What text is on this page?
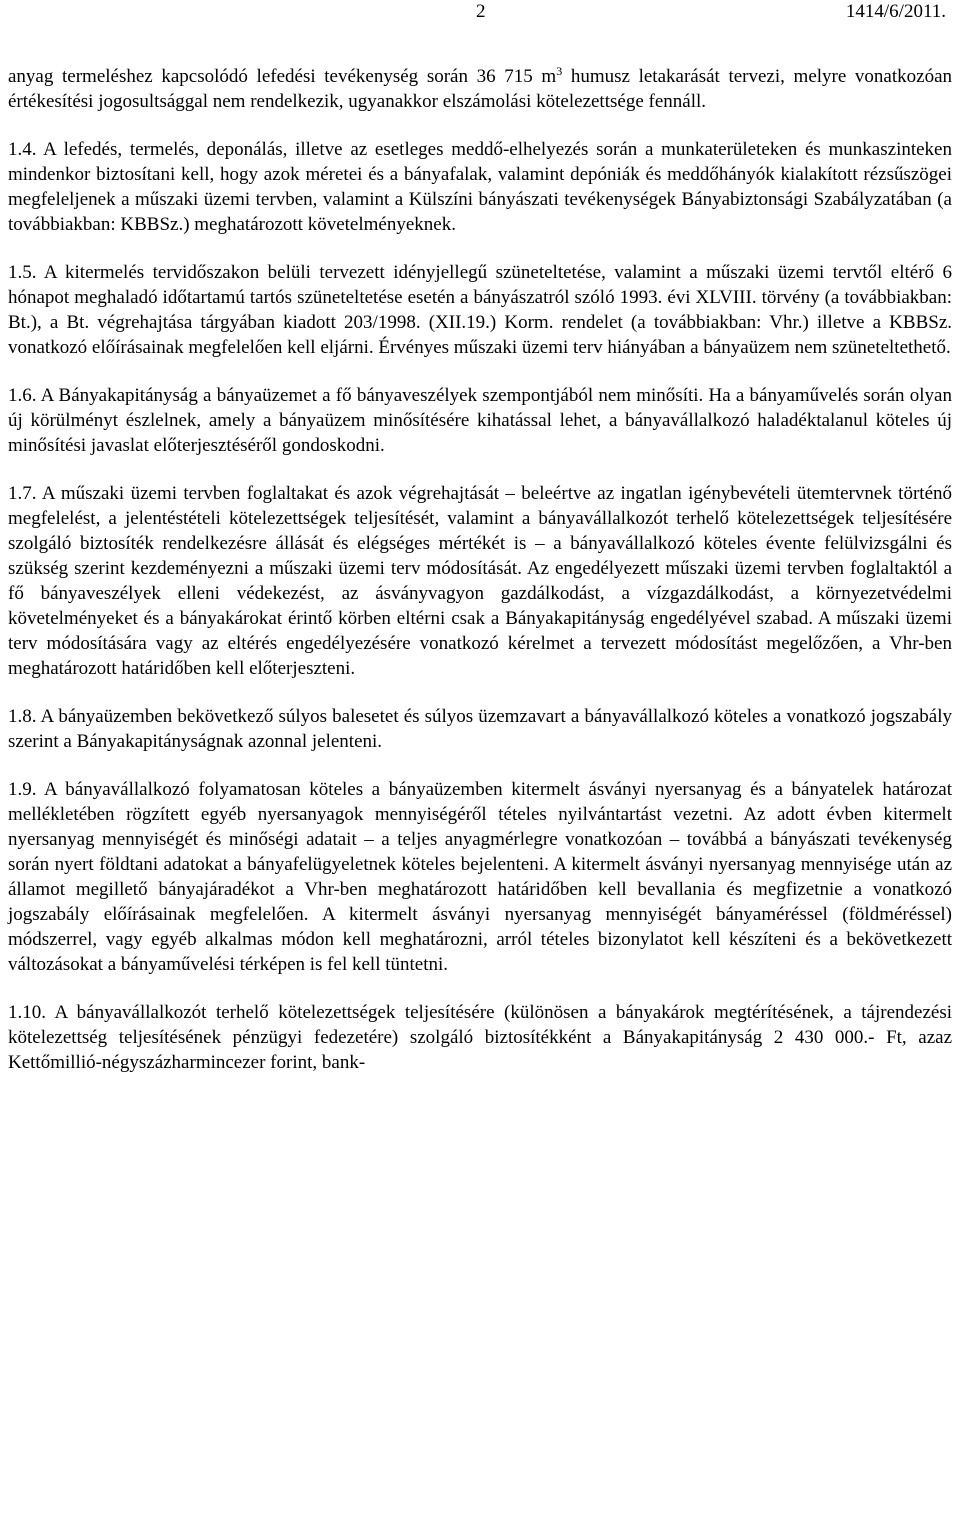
2	1414/6/2011.

anyag termeléshez kapcsolódó lefedési tevékenység során 36 715 $m^3$ humusz letakarását tervezi, melyre vonatkozóan értékesítési jogosultsággal nem rendelkezik, ugyanakkor elszámolási kötelezettsége fennáll.

1.4. A lefedés, termelés, deponálás, illetve az esetleges meddő-elhelyezés során a munkaterületeken és munkaszinteken mindenkor biztosítani kell, hogy azok méretei és a bányafalak, valamint depóniák és meddőhányók kialakított rézsűszögei megfeleljenek a műszaki üzemi tervben, valamint a Külszíni bányászati tevékenységek Bányabiztonsági Szabályzatában (a továbbiakban: KBBSz.) meghatározott követelményeknek.

1.5. A kitermelés tervidőszakon belüli tervezett idényjellegű szüneteltetése, valamint a műszaki üzemi tervtől eltérő 6 hónapot meghaladó időtartamú tartós szüneteltetése esetén a bányászatról szóló 1993. évi XLVIII. törvény (a továbbiakban: Bt.), a Bt. végrehajtása tárgyában kiadott 203/1998. (XII.19.) Korm. rendelet (a továbbiakban: Vhr.) illetve a KBBSz. vonatkozó előírásainak megfelelően kell eljárni. Érvényes műszaki üzemi terv hiányában a bányaüzem nem szüneteltethető.

1.6. A Bányakapitányság a bányaüzemet a fő bányaveszélyek szempontjából nem minősíti. Ha a bányaművelés során olyan új körülményt észlelnek, amely a bányaüzem minősítésére kihatással lehet, a bányavállalkozó haladéktalanul köteles új minősítési javaslat előterjesztéséről gondoskodni.

1.7. A műszaki üzemi tervben foglaltakat és azok végrehajtását – beleértve az ingatlan igénybevételi ütemtervnek történő megfelelést, a jelentéstételi kötelezettségek teljesítését, valamint a bányavállalkozót terhelő kötelezettségek teljesítésére szolgáló biztosíték rendelkezésre állását és elégséges mértékét is – a bányavállalkozó köteles évente felülvizsgálni és szükség szerint kezdeményezni a műszaki üzemi terv módosítását. Az engedélyezett műszaki üzemi tervben foglaltaktól a fő bányaveszélyek elleni védekezést, az ásványvagyon gazdálkodást, a vízgazdálkodást, a környezetvédelmi követelményeket és a bányakárokat érintő körben eltérni csak a Bányakapitányság engedélyével szabad. A műszaki üzemi terv módosítására vagy az eltérés engedélyezésére vonatkozó kérelmet a tervezett módosítást megelőzően, a Vhr-ben meghatározott határidőben kell előterjeszteni.

1.8. A bányaüzemben bekövetkező súlyos balesetet és súlyos üzemzavart a bányavállalkozó köteles a vonatkozó jogszabály szerint a Bányakapitányságnak azonnal jelenteni.

1.9. A bányavállalkozó folyamatosan köteles a bányaüzemben kitermelt ásványi nyersanyag és a bányatelek határozat mellékletében rögzített egyéb nyersanyagok mennyiségéről tételes nyilvántartást vezetni. Az adott évben kitermelt nyersanyag mennyiségét és minőségi adatait – a teljes anyagmérlegre vonatkozóan – továbbá a bányászati tevékenység során nyert földtani adatokat a bányafelügyeletnek köteles bejelenteni. A kitermelt ásványi nyersanyag mennyisége után az államot megillető bányajáradékot a Vhr-ben meghatározott határidőben kell bevallania és megfizetnie a vonatkozó jogszabály előírásainak megfelelően. A kitermelt ásványi nyersanyag mennyiségét bányaméréssel (földméréssel) módszerrel, vagy egyéb alkalmas módon kell meghatározni, arról tételes bizonylatot kell készíteni és a bekövetkezett változásokat a bányaművelési térképen is fel kell tüntetni.

1.10. A bányavállalkozót terhelő kötelezettségek teljesítésére (különösen a bányakárok megtérítésének, a tájrendezési kötelezettség teljesítésének pénzügyi fedezetére) szolgáló biztosítékként a Bányakapitányság 2 430 000.- Ft, azaz Kettőmillió-négyszázharmincezer forint, bank-
